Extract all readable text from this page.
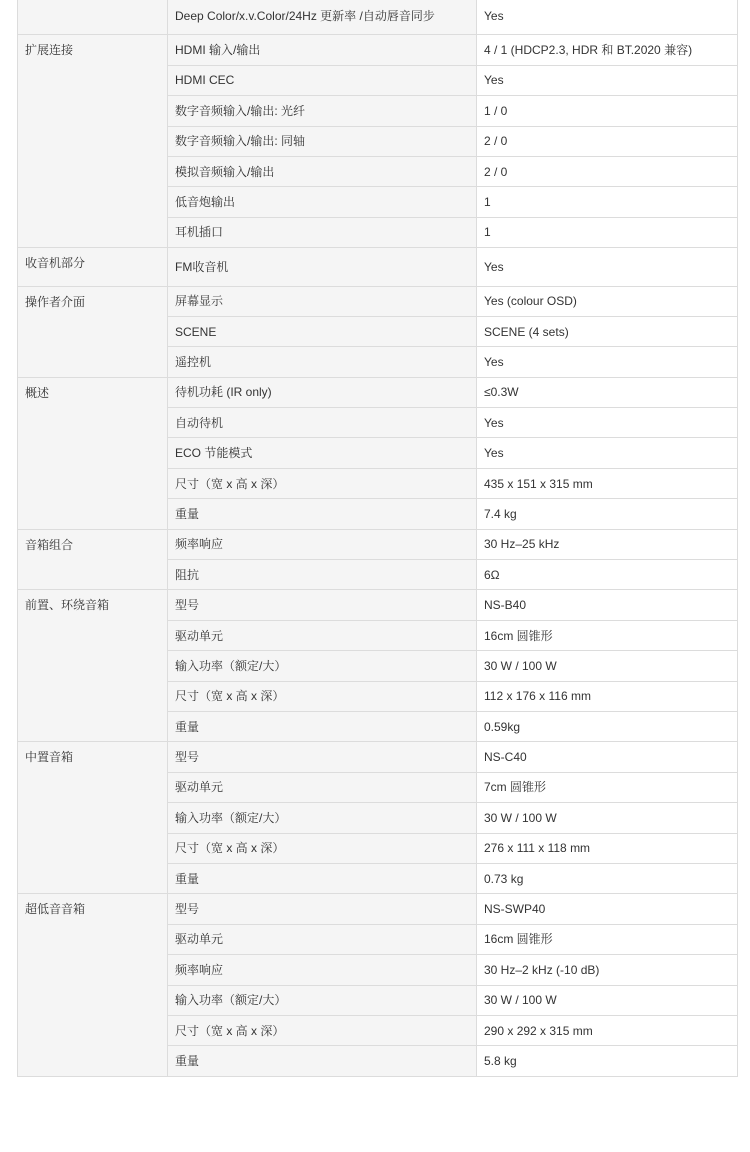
	Deep Color/x.v.Color/24Hz 更新率 /自动唇音同步	Yes
扩展连接	HDMI 输入/输出	4 / 1 (HDCP2.3, HDR 和 BT.2020 兼容)
	HDMI CEC	Yes
	数字音频输入/输出: 光纤	1 / 0
	数字音频输入/输出: 同轴	2 / 0
	模拟音频输入/输出	2 / 0
	低音炮输出	1
	耳机插口	1
收音机部分	FM收音机	Yes
操作者介面	屏幕显示	Yes (colour OSD)
	SCENE	SCENE (4 sets)
	遥控机	Yes
概述	待机功耗 (IR only)	≤0.3W
	自动待机	Yes
	ECO 节能模式	Yes
	尺寸（宽 x 高 x 深）	435 x 151 x 315 mm
	重量	7.4 kg
音箱组合	频率响应	30 Hz–25 kHz
	阻抗	6Ω
前置、环绕音箱	型号	NS-B40
	驱动单元	16cm 圆锥形
	输入功率（额定/大）	30 W / 100 W
	尺寸（宽 x 高 x 深）	112 x 176 x 116 mm
	重量	0.59kg
中置音箱	型号	NS-C40
	驱动单元	7cm 圆锥形
	输入功率（额定/大）	30 W / 100 W
	尺寸（宽 x 高 x 深）	276 x 111 x 118 mm
	重量	0.73 kg
超低音音箱	型号	NS-SWP40
	驱动单元	16cm 圆锥形
	频率响应	30 Hz–2 kHz (-10 dB)
	输入功率（额定/大）	30 W / 100 W
	尺寸（宽 x 高 x 深）	290 x 292 x 315 mm
	重量	5.8 kg
